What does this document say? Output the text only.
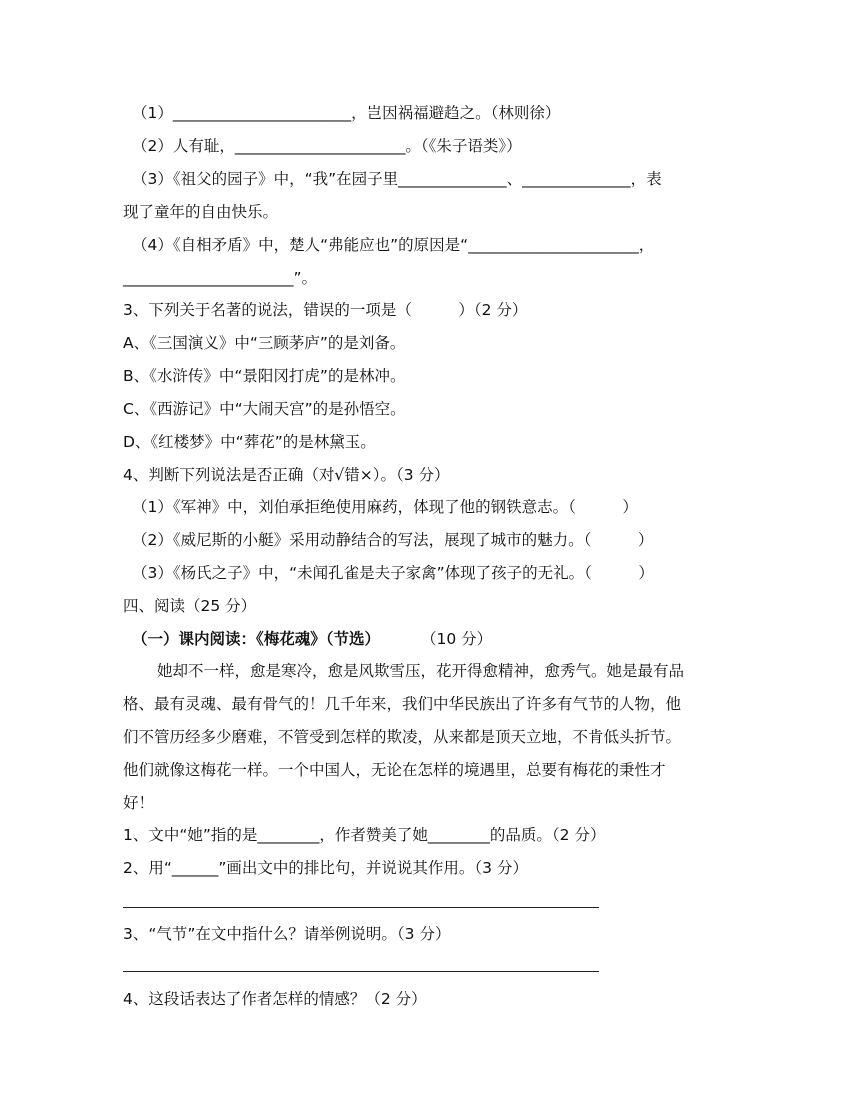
（1）_______________________，岂因祸福避趋之。（林则徐）
（2）人有耻，______________________。（《朱子语类》）
（3）《祖父的园子》中，“我”在园子里______________、______________，表
现了童年的自由快乐。
（4）《自相矛盾》中，楚人“弗能应也”的原因是“______________________，
______________________”。
3、下列关于名著的说法，错误的一项是（　　　）（2 分）
A、《三国演义》中“三顾茅庐”的是刘备。
B、《水浒传》中“景阳冈打虎”的是林冲。
C、《西游记》中“大闹天宫”的是孙悟空。
D、《红楼梦》中“葬花”的是林黛玉。
4、判断下列说法是否正确（对√错×）。（3 分）
（1）《军神》中，刘伯承拒绝使用麻药，体现了他的钢铁意志。（　　　）
（2）《威尼斯的小艇》采用动静结合的写法，展现了城市的魅力。（　　　）
（3）《杨氏之子》中，“未闻孔雀是夫子家禽”体现了孩子的无礼。（　　　）
四、阅读（25 分）
（一）课内阅读：《梅花魂》（节选）	（10 分）
她却不一样，愈是寒冷，愈是风欺雪压，花开得愈精神，愈秀气。她是最有品
格、最有灵魂、最有骨气的！几千年来，我们中华民族出了许多有气节的人物，他
们不管历经多少磨难，不管受到怎样的欺凌，从来都是顶天立地，不肯低头折节。
他们就像这梅花一样。一个中国人，无论在怎样的境遇里，总要有梅花的秉性才
好！
1、文中“她”指的是________，作者赞美了她________的品质。（2 分）
2、用“______”画出文中的排比句，并说说其作用。（3 分）
3、“气节”在文中指什么？请举例说明。（3 分）
4、这段话表达了作者怎样的情感？（2 分）
